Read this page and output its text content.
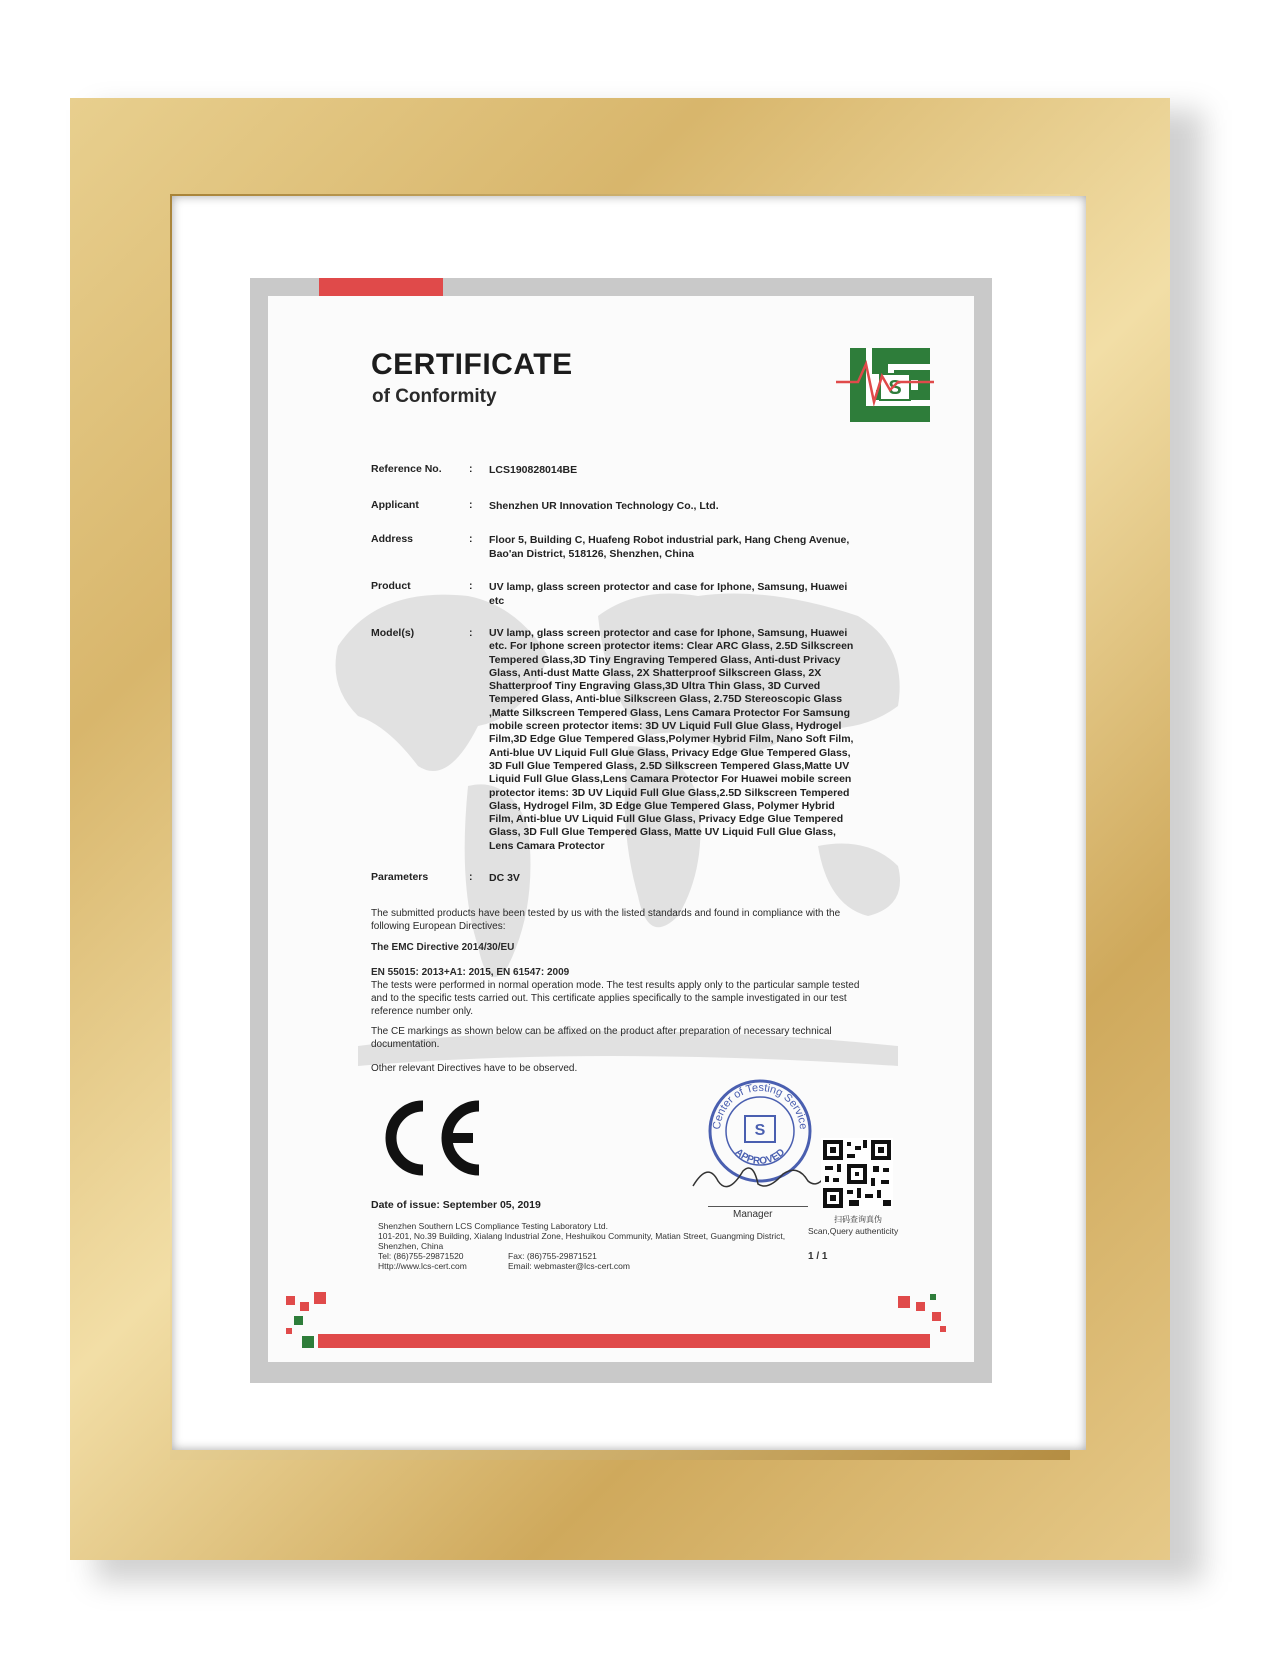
CERTIFICATE
of Conformity	S
Reference No.	: LCS190828014BE
Applicant	: Shenzhen UR Innovation Technology Co., Ltd.
Address	: Floor 5, Building C, Huafeng Robot industrial park, Hang Cheng Avenue, Bao'an District, 518126, Shenzhen, China
Product	: UV lamp, glass screen protector and case for Iphone, Samsung, Huawei etc
Model(s)	: UV lamp, glass screen protector and case for Iphone, Samsung, Huawei etc. For Iphone screen protector items: Clear ARC Glass, 2.5D Silkscreen Tempered Glass,3D Tiny Engraving Tempered Glass, Anti-dust Privacy Glass, Anti-dust Matte Glass, 2X Shatterproof Silkscreen Glass, 2X Shatterproof Tiny Engraving Glass,3D Ultra Thin Glass, 3D Curved Tempered Glass, Anti-blue Silkscreen Glass, 2.75D Stereoscopic Glass ,Matte Silkscreen Tempered Glass, Lens Camara Protector For Samsung mobile screen protector items: 3D UV Liquid Full Glue Glass, Hydrogel Film,3D Edge Glue Tempered Glass,Polymer Hybrid Film, Nano Soft Film, Anti-blue UV Liquid Full Glue Glass, Privacy Edge Glue Tempered Glass, 3D Full Glue Tempered Glass, 2.5D Silkscreen Tempered Glass,Matte UV Liquid Full Glue Glass,Lens Camara Protector For Huawei mobile screen protector items: 3D UV Liquid Full Glue Glass,2.5D Silkscreen Tempered Glass, Hydrogel Film, 3D Edge Glue Tempered Glass, Polymer Hybrid Film, Anti-blue UV Liquid Full Glue Glass, Privacy Edge Glue Tempered Glass, 3D Full Glue Tempered Glass, Matte UV Liquid Full Glue Glass, Lens Camara Protector
Parameters	: DC 3V
The submitted products have been tested by us with the listed standards and found in compliance with the following European Directives:
The EMC Directive 2014/30/EU
EN 55015: 2013+A1: 2015, EN 61547: 2009
The tests were performed in normal operation mode. The test results apply only to the particular sample tested and to the specific tests carried out. This certificate applies specifically to the sample investigated in our test reference number only.
The CE markings as shown below can be affixed on the product after preparation of necessary technical documentation.
Other relevant Directives have to be observed.
Center of Testing Service
APPROVED
S
Manager
Date of issue: September 05, 2019
扫码查询真伪
Scan,Query authenticity
Shenzhen Southern LCS Compliance Testing Laboratory Ltd.
101-201, No.39 Building, Xialang Industrial Zone, Heshuikou Community, Matian Street, Guangming District,
Shenzhen, China
Tel: (86)755-29871520	Fax: (86)755-29871521
Http://www.lcs-cert.com	Email: webmaster@lcs-cert.com
1 / 1
